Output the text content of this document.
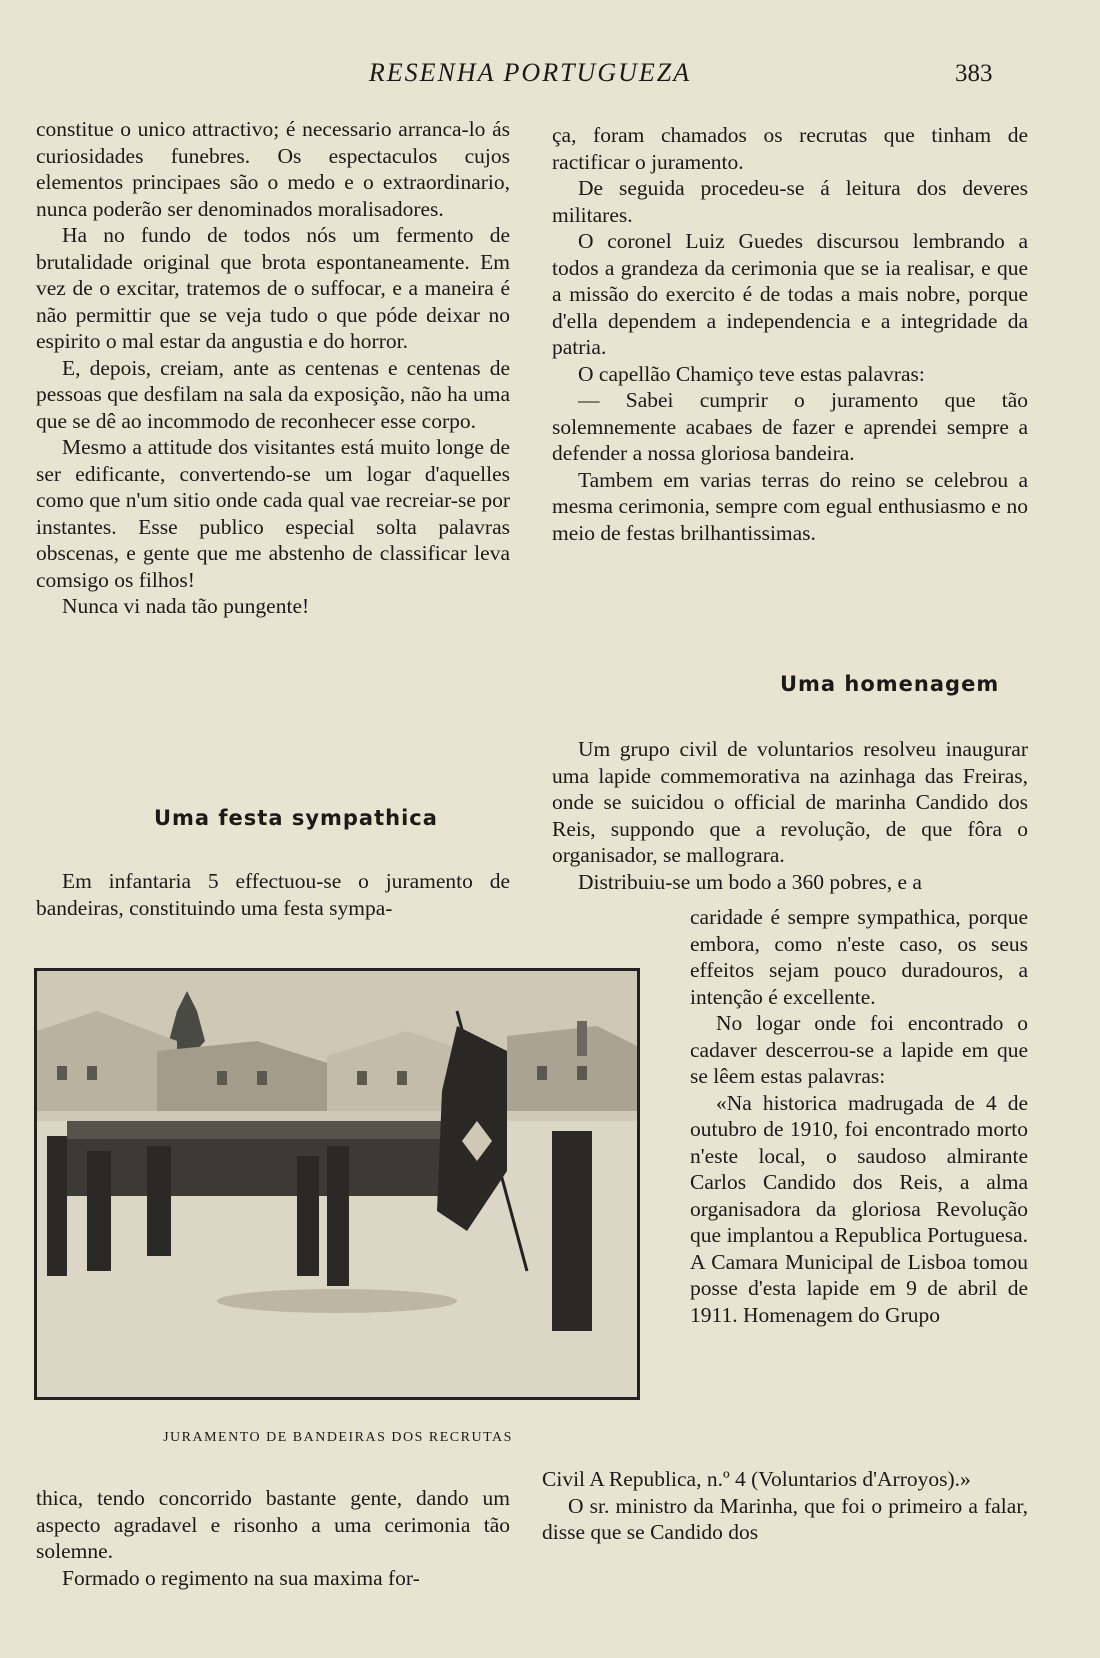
RESENHA PORTUGUEZA	383

constitue o unico attractivo; é necessario arranca-lo ás curiosidades funebres. Os espectaculos cujos elementos principaes são o medo e o extraordinario, nunca poderão ser denominados moralisadores.

Ha no fundo de todos nós um fermento de brutalidade original que brota espontaneamente. Em vez de o excitar, tratemos de o suffocar, e a maneira é não permittir que se veja tudo o que póde deixar no espirito o mal estar da angustia e do horror.

E, depois, creiam, ante as centenas e centenas de pessoas que desfilam na sala da exposição, não ha uma que se dê ao incommodo de reconhecer esse corpo.

Mesmo a attitude dos visitantes está muito longe de ser edificante, convertendo-se um logar d'aquelles como que n'um sitio onde cada qual vae recreiar-se por instantes. Esse publico especial solta palavras obscenas, e gente que me abstenho de classificar leva comsigo os filhos!

Nunca vi nada tão pungente!

Uma festa sympathica

Em infantaria 5 effectuou-se o juramento de bandeiras, constituindo uma festa sympa-

JURAMENTO DE BANDEIRAS DOS RECRUTAS

thica, tendo concorrido bastante gente, dando um aspecto agradavel e risonho a uma cerimonia tão solemne.

Formado o regimento na sua maxima for-

ça, foram chamados os recrutas que tinham de ractificar o juramento.

De seguida procedeu-se á leitura dos deveres militares.

O coronel Luiz Guedes discursou lembrando a todos a grandeza da cerimonia que se ia realisar, e que a missão do exercito é de todas a mais nobre, porque d'ella dependem a independencia e a integridade da patria.

O capellão Chamiço teve estas palavras:

— Sabei cumprir o juramento que tão solemnemente acabaes de fazer e aprendei sempre a defender a nossa gloriosa bandeira.

Tambem em varias terras do reino se celebrou a mesma cerimonia, sempre com egual enthusiasmo e no meio de festas brilhantissimas.

Uma homenagem

Um grupo civil de voluntarios resolveu inaugurar uma lapide commemorativa na azinhaga das Freiras, onde se suicidou o official de marinha Candido dos Reis, suppondo que a revolução, de que fôra o organisador, se mallograra.

Distribuiu-se um bodo a 360 pobres, e a

caridade é sempre sympathica, porque embora, como n'este caso, os seus effeitos sejam pouco duradouros, a intenção é excellente.

No logar onde foi encontrado o cadaver descerrou-se a lapide em que se lêem estas palavras:

«Na historica madrugada de 4 de outubro de 1910, foi encontrado morto n'este local, o saudoso almirante Carlos Candido dos Reis, a alma organisadora da gloriosa Revolução que implantou a Republica Portuguesa. A Camara Municipal de Lisboa tomou posse d'esta lapide em 9 de abril de 1911. Homenagem do Grupo

Civil A Republica, n.º 4 (Voluntarios d'Arroyos).»

O sr. ministro da Marinha, que foi o primeiro a falar, disse que se Candido dos
